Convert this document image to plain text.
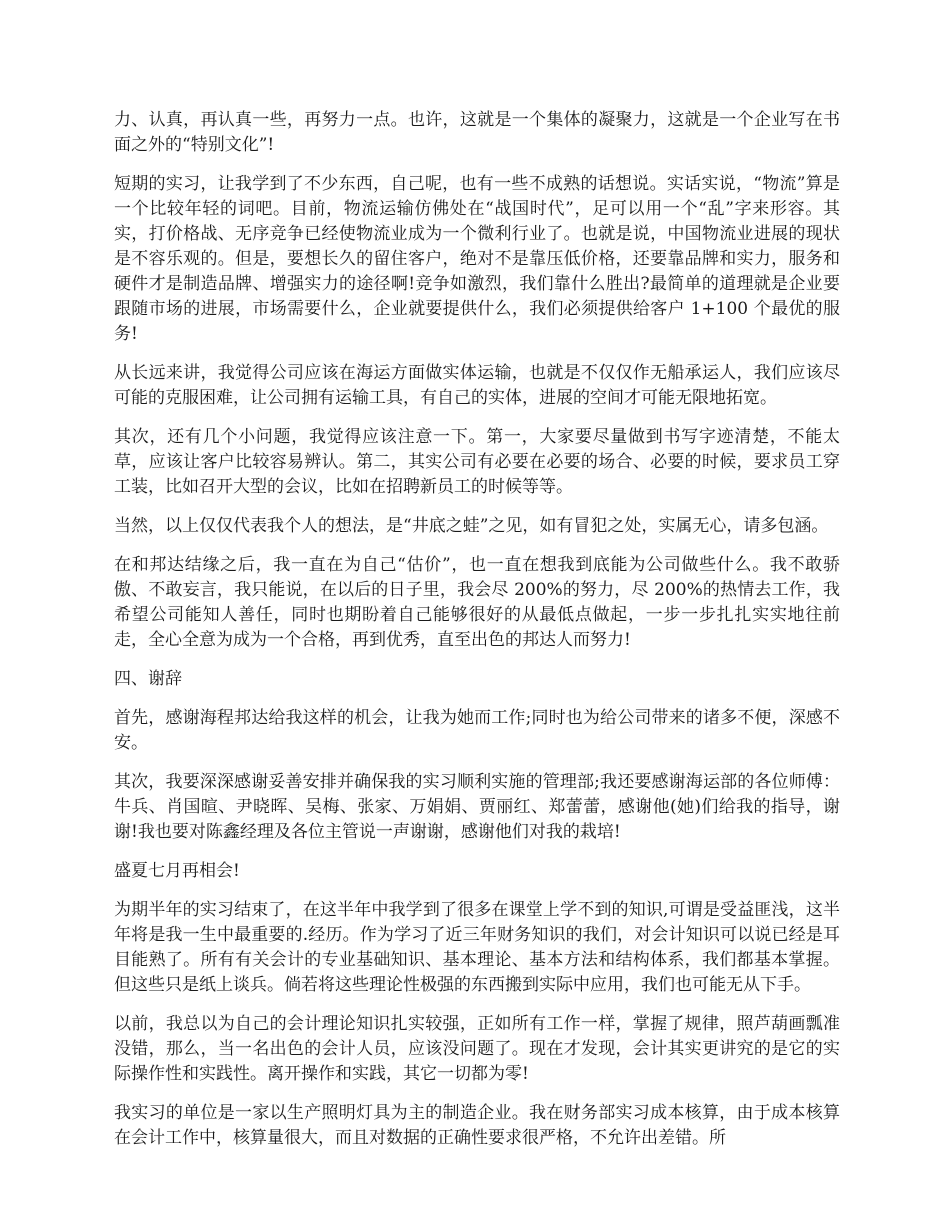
力、认真，再认真一些，再努力一点。也许，这就是一个集体的凝聚力，这就是一个企业写在书面之外的“特别文化”!

短期的实习，让我学到了不少东西，自己呢，也有一些不成熟的话想说。实话实说，“物流”算是一个比较年轻的词吧。目前，物流运输仿佛处在“战国时代”，足可以用一个“乱”字来形容。其实，打价格战、无序竞争已经使物流业成为一个微利行业了。也就是说，中国物流业进展的现状是不容乐观的。但是，要想长久的留住客户，绝对不是靠压低价格，还要靠品牌和实力，服务和硬件才是制造品牌、增强实力的途径啊!竞争如激烈，我们靠什么胜出?最简单的道理就是企业要跟随市场的进展，市场需要什么，企业就要提供什么，我们必须提供给客户 1+100 个最优的服务!

从长远来讲，我觉得公司应该在海运方面做实体运输，也就是不仅仅作无船承运人，我们应该尽可能的克服困难，让公司拥有运输工具，有自己的实体，进展的空间才可能无限地拓宽。

其次，还有几个小问题，我觉得应该注意一下。第一，大家要尽量做到书写字迹清楚，不能太草，应该让客户比较容易辨认。第二，其实公司有必要在必要的场合、必要的时候，要求员工穿工装，比如召开大型的会议，比如在招聘新员工的时候等等。

当然，以上仅仅代表我个人的想法，是“井底之蛙”之见，如有冒犯之处，实属无心，请多包涵。

在和邦达结缘之后，我一直在为自己“估价”，也一直在想我到底能为公司做些什么。我不敢骄傲、不敢妄言，我只能说，在以后的日子里，我会尽 200%的努力，尽 200%的热情去工作，我希望公司能知人善任，同时也期盼着自己能够很好的从最低点做起，一步一步扎扎实实地往前走，全心全意为成为一个合格，再到优秀，直至出色的邦达人而努力!

四、谢辞

首先，感谢海程邦达给我这样的机会，让我为她而工作;同时也为给公司带来的诸多不便，深感不安。

其次，我要深深感谢妥善安排并确保我的实习顺利实施的管理部;我还要感谢海运部的各位师傅：牛兵、肖国暄、尹晓晖、吴梅、张家、万娟娟、贾丽红、郑蕾蕾，感谢他(她)们给我的指导，谢谢!我也要对陈鑫经理及各位主管说一声谢谢，感谢他们对我的栽培!

盛夏七月再相会!

为期半年的实习结束了，在这半年中我学到了很多在课堂上学不到的知识,可谓是受益匪浅，这半年将是我一生中最重要的.经历。作为学习了近三年财务知识的我们，对会计知识可以说已经是耳目能熟了。所有有关会计的专业基础知识、基本理论、基本方法和结构体系，我们都基本掌握。但这些只是纸上谈兵。倘若将这些理论性极强的东西搬到实际中应用，我们也可能无从下手。

以前，我总以为自己的会计理论知识扎实较强，正如所有工作一样，掌握了规律，照芦葫画瓢准没错，那么，当一名出色的会计人员，应该没问题了。现在才发现，会计其实更讲究的是它的实际操作性和实践性。离开操作和实践，其它一切都为零!

我实习的单位是一家以生产照明灯具为主的制造企业。我在财务部实习成本核算，由于成本核算在会计工作中，核算量很大，而且对数据的正确性要求很严格，不允许出差错。所
